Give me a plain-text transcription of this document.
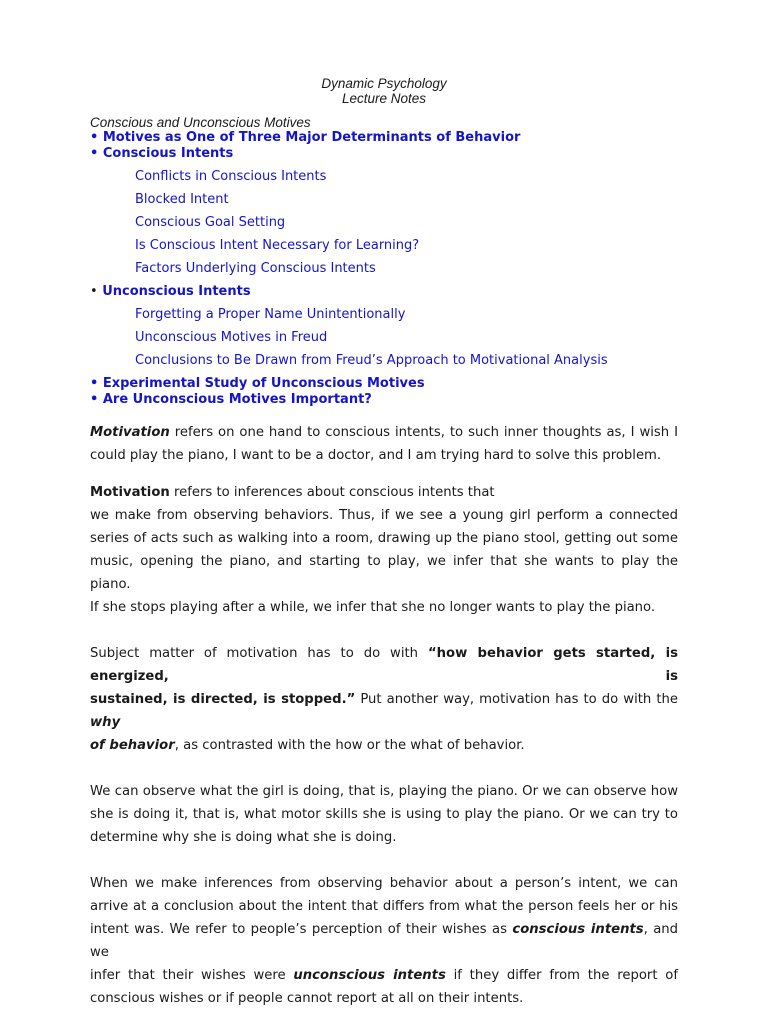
Dynamic Psychology
Lecture Notes
Conscious and Unconscious Motives
• Motives as One of Three Major Determinants of Behavior
• Conscious Intents
Conflicts in Conscious Intents
Blocked Intent
Conscious Goal Setting
Is Conscious Intent Necessary for Learning?
Factors Underlying Conscious Intents
• Unconscious Intents
Forgetting a Proper Name Unintentionally
Unconscious Motives in Freud
Conclusions to Be Drawn from Freud’s Approach to Motivational Analysis
• Experimental Study of Unconscious Motives
• Are Unconscious Motives Important?
Motivation refers on one hand to conscious intents, to such inner thoughts as, I wish I
could play the piano, I want to be a doctor, and I am trying hard to solve this problem.
Motivation refers to inferences about conscious intents that
we make from observing behaviors. Thus, if we see a young girl perform a connected
series of acts such as walking into a room, drawing up the piano stool, getting out some
music, opening the piano, and starting to play, we infer that she wants to play the piano.
If she stops playing after a while, we infer that she no longer wants to play the piano.
Subject matter of motivation has to do with “how behavior gets started, is energized, is
sustained, is directed, is stopped.” Put another way, motivation has to do with the why
of behavior, as contrasted with the how or the what of behavior.
We can observe what the girl is doing, that is, playing the piano. Or we can observe how
she is doing it, that is, what motor skills she is using to play the piano. Or we can try to
determine why she is doing what she is doing.
When we make inferences from observing behavior about a person’s intent, we can
arrive at a conclusion about the intent that differs from what the person feels her or his
intent was. We refer to people’s perception of their wishes as conscious intents, and we
infer that their wishes were unconscious intents if they differ from the report of
conscious wishes or if people cannot report at all on their intents.
